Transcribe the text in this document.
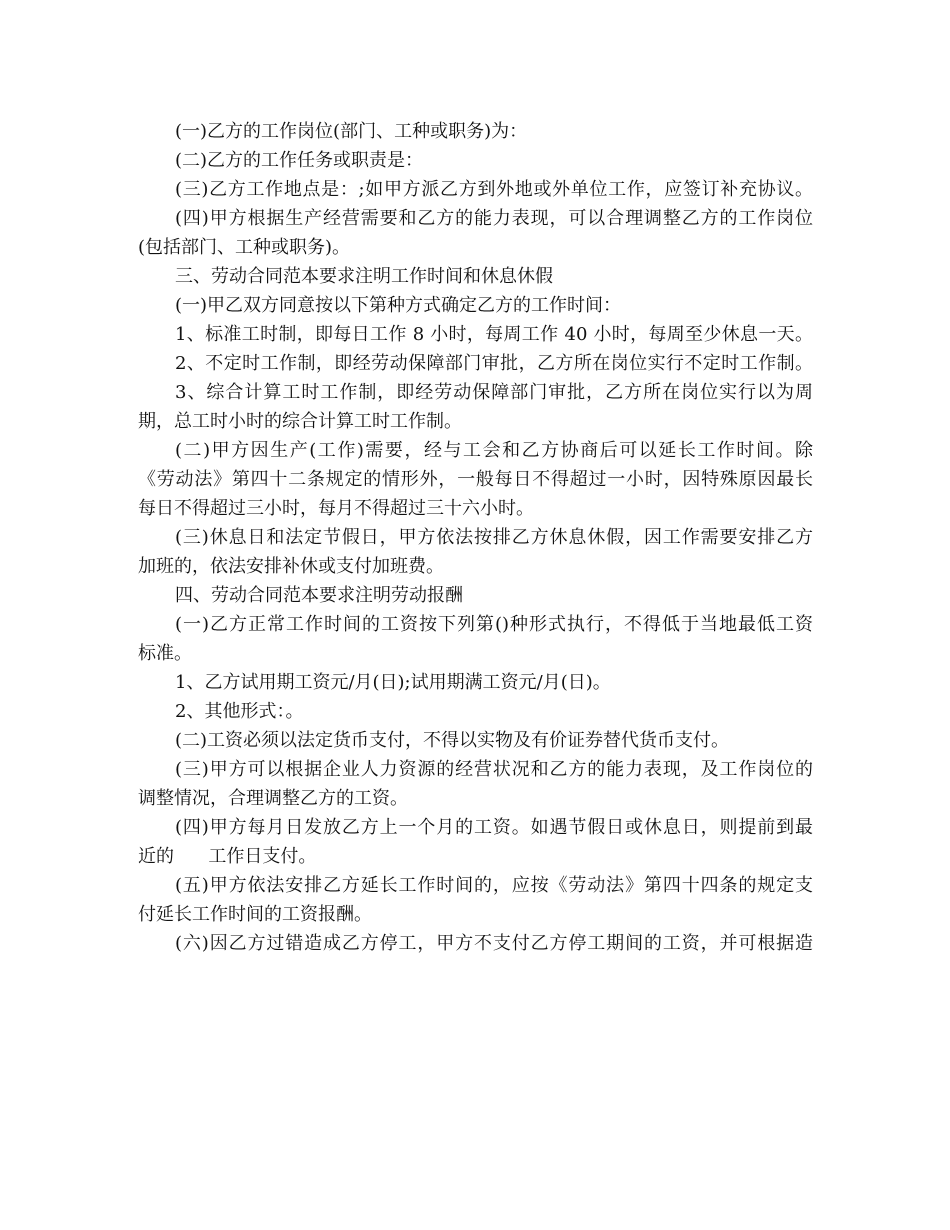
(一)乙方的工作岗位(部门、工种或职务)为：
(二)乙方的工作任务或职责是：
(三)乙方工作地点是：;如甲方派乙方到外地或外单位工作，应签订补充协议。
(四)甲方根据生产经营需要和乙方的能力表现，可以合理调整乙方的工作岗位
(包括部门、工种或职务)。
三、劳动合同范本要求注明工作时间和休息休假
(一)甲乙双方同意按以下第种方式确定乙方的工作时间：
1、标准工时制，即每日工作 8 小时，每周工作 40 小时，每周至少休息一天。
2、不定时工作制，即经劳动保障部门审批，乙方所在岗位实行不定时工作制。
3、综合计算工时工作制，即经劳动保障部门审批，乙方所在岗位实行以为周
期，总工时小时的综合计算工时工作制。
(二)甲方因生产(工作)需要，经与工会和乙方协商后可以延长工作时间。除
《劳动法》第四十二条规定的情形外，一般每日不得超过一小时，因特殊原因最长
每日不得超过三小时，每月不得超过三十六小时。
(三)休息日和法定节假日，甲方依法按排乙方休息休假，因工作需要安排乙方
加班的，依法安排补休或支付加班费。
四、劳动合同范本要求注明劳动报酬
(一)乙方正常工作时间的工资按下列第()种形式执行，不得低于当地最低工资
标准。
1、乙方试用期工资元/月(日);试用期满工资元/月(日)。
2、其他形式：。
(二)工资必须以法定货币支付，不得以实物及有价证券替代货币支付。
(三)甲方可以根据企业人力资源的经营状况和乙方的能力表现，及工作岗位的
调整情况，合理调整乙方的工资。
(四)甲方每月日发放乙方上一个月的工资。如遇节假日或休息日，则提前到最
近的      工作日支付。
(五)甲方依法安排乙方延长工作时间的，应按《劳动法》第四十四条的规定支
付延长工作时间的工资报酬。
(六)因乙方过错造成乙方停工，甲方不支付乙方停工期间的工资，并可根据造
